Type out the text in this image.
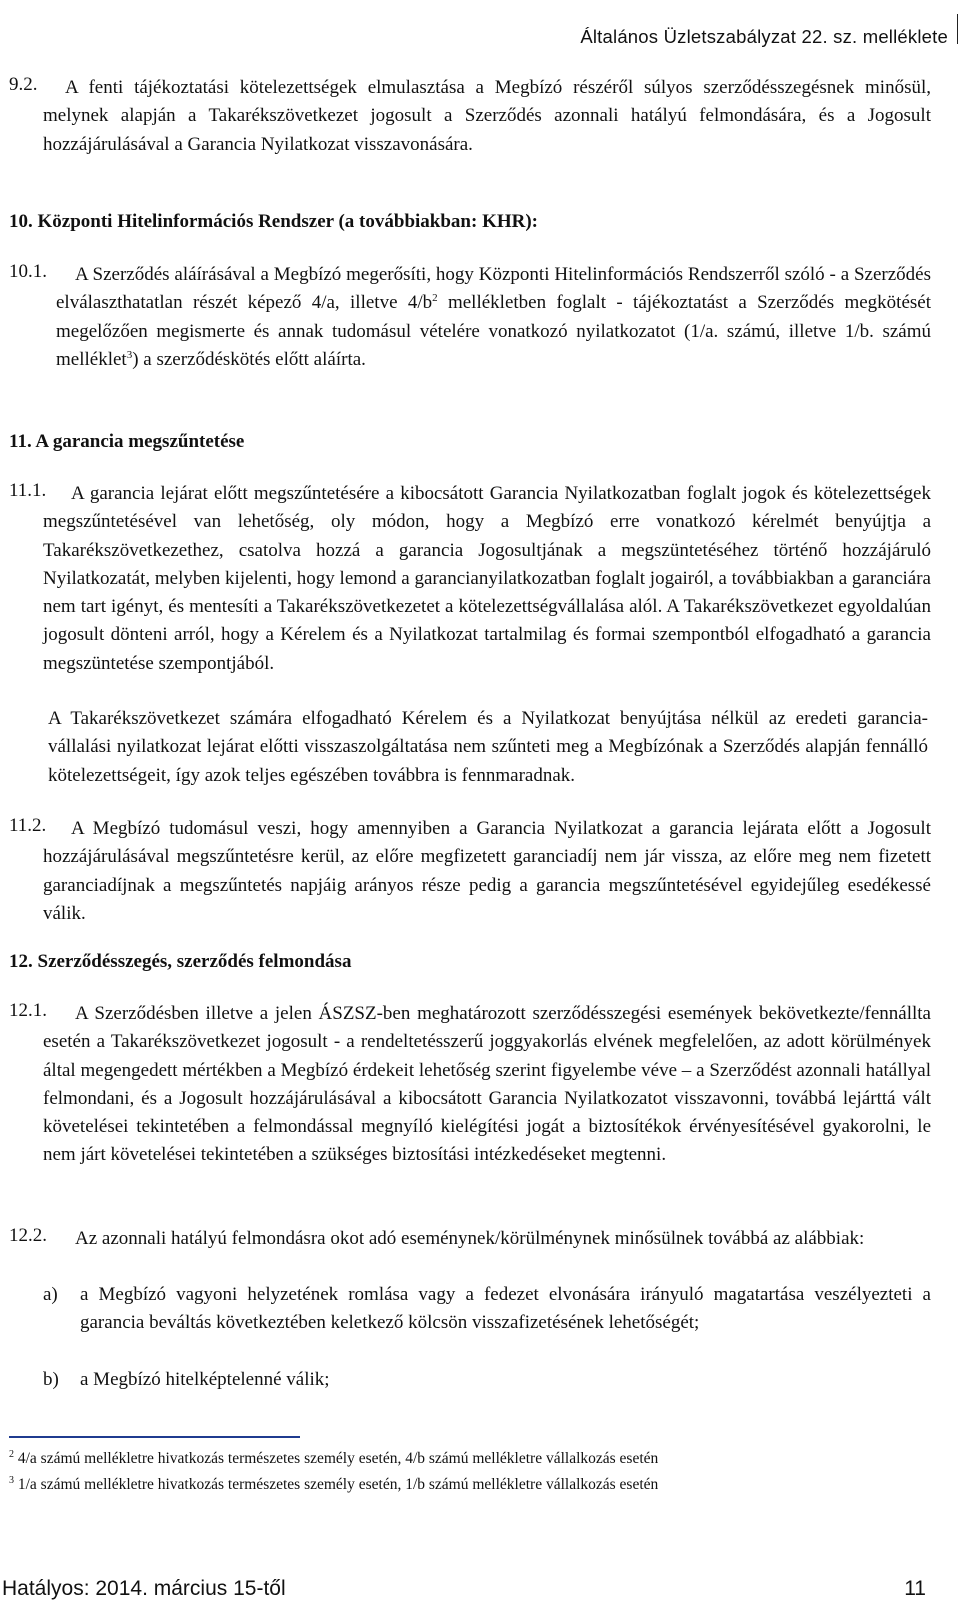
Általános Üzletszabályzat 22. sz. melléklete
9.2.	A fenti tájékoztatási kötelezettségek elmulasztása a Megbízó részéről súlyos szerződésszegésnek minősül, melynek alapján a Takarékszövetkezet jogosult a Szerződés azonnali hatályú felmondására, és a Jogosult hozzájárulásával a Garancia Nyilatkozat visszavonására.
10. Központi Hitelinformációs Rendszer (a továbbiakban: KHR):
10.1.	A Szerződés aláírásával a Megbízó megerősíti, hogy Központi Hitelinformációs Rendszerről szóló - a Szerződés elválaszthatatlan részét képező 4/a, illetve $4/b^2$ mellékletben foglalt - tájékoztatást a Szerződés megkötését megelőzően megismerte és annak tudomásul vételére vonatkozó nyilatkozatot (1/a. számú, illetve 1/b. számú melléklet$^3$) a szerződéskötés előtt aláírta.
11. A garancia megszűntetése
11.1.	A garancia lejárat előtt megszűntetésére a kibocsátott Garancia Nyilatkozatban foglalt jogok és kötelezettségek megszűntetésével van lehetőség, oly módon, hogy a Megbízó erre vonatkozó kérelmét benyújtja a Takarékszövetkezethez, csatolva hozzá a garancia Jogosultjának a megszüntetéséhez történő hozzájáruló Nyilatkozatát, melyben kijelenti, hogy lemond a garancianyilatkozatban foglalt jogairól, a továbbiakban a garanciára nem tart igényt, és mentesíti a Takarékszövetkezetet a kötelezettségvállalása alól. A Takarékszövetkezet egyoldalúan jogosult dönteni arról, hogy a Kérelem és a Nyilatkozat tartalmilag és formai szempontból elfogadható a garancia megszüntetése szempontjából.
A Takarékszövetkezet számára elfogadható Kérelem és a Nyilatkozat benyújtása nélkül az eredeti garancia-vállalási nyilatkozat lejárat előtti visszaszolgáltatása nem szűnteti meg a Megbízónak a Szerződés alapján fennálló kötelezettségeit, így azok teljes egészében továbbra is fennmaradnak.
11.2.	A Megbízó tudomásul veszi, hogy amennyiben a Garancia Nyilatkozat a garancia lejárata előtt a Jogosult hozzájárulásával megszűntetésre kerül, az előre megfizetett garanciadíj nem jár vissza, az előre meg nem fizetett garanciadíjnak a megszűntetés napjáig arányos része pedig a garancia megszűntetésével egyidejűleg esedékessé válik.
12. Szerződésszegés, szerződés felmondása
12.1.	A Szerződésben illetve a jelen ÁSZSZ-ben meghatározott szerződésszegési események bekövetkezte/fennállta esetén a Takarékszövetkezet jogosult - a rendeltetésszerű joggyakorlás elvének megfelelően, az adott körülmények által megengedett mértékben a Megbízó érdekeit lehetőség szerint figyelembe véve – a Szerződést azonnali hatállyal felmondani, és a Jogosult hozzájárulásával a kibocsátott Garancia Nyilatkozatot visszavonni, továbbá lejárttá vált követelései tekintetében a felmondással megnyíló kielégítési jogát a biztosítékok érvényesítésével gyakorolni, le nem járt követelései tekintetében a szükséges biztosítási intézkedéseket megtenni.
12.2.	Az azonnali hatályú felmondásra okot adó eseménynek/körülménynek minősülnek továbbá az alábbiak:
a) a Megbízó vagyoni helyzetének romlása vagy a fedezet elvonására irányuló magatartása veszélyezteti a garancia beváltás következtében keletkező kölcsön visszafizetésének lehetőségét;
b) a Megbízó hitelképtelenné válik;
$^2$ 4/a számú mellékletre hivatkozás természetes személy esetén, 4/b számú mellékletre vállalkozás esetén
$^3$ 1/a számú mellékletre hivatkozás természetes személy esetén, 1/b számú mellékletre vállalkozás esetén
Hatályos: 2014. március 15-től	11
